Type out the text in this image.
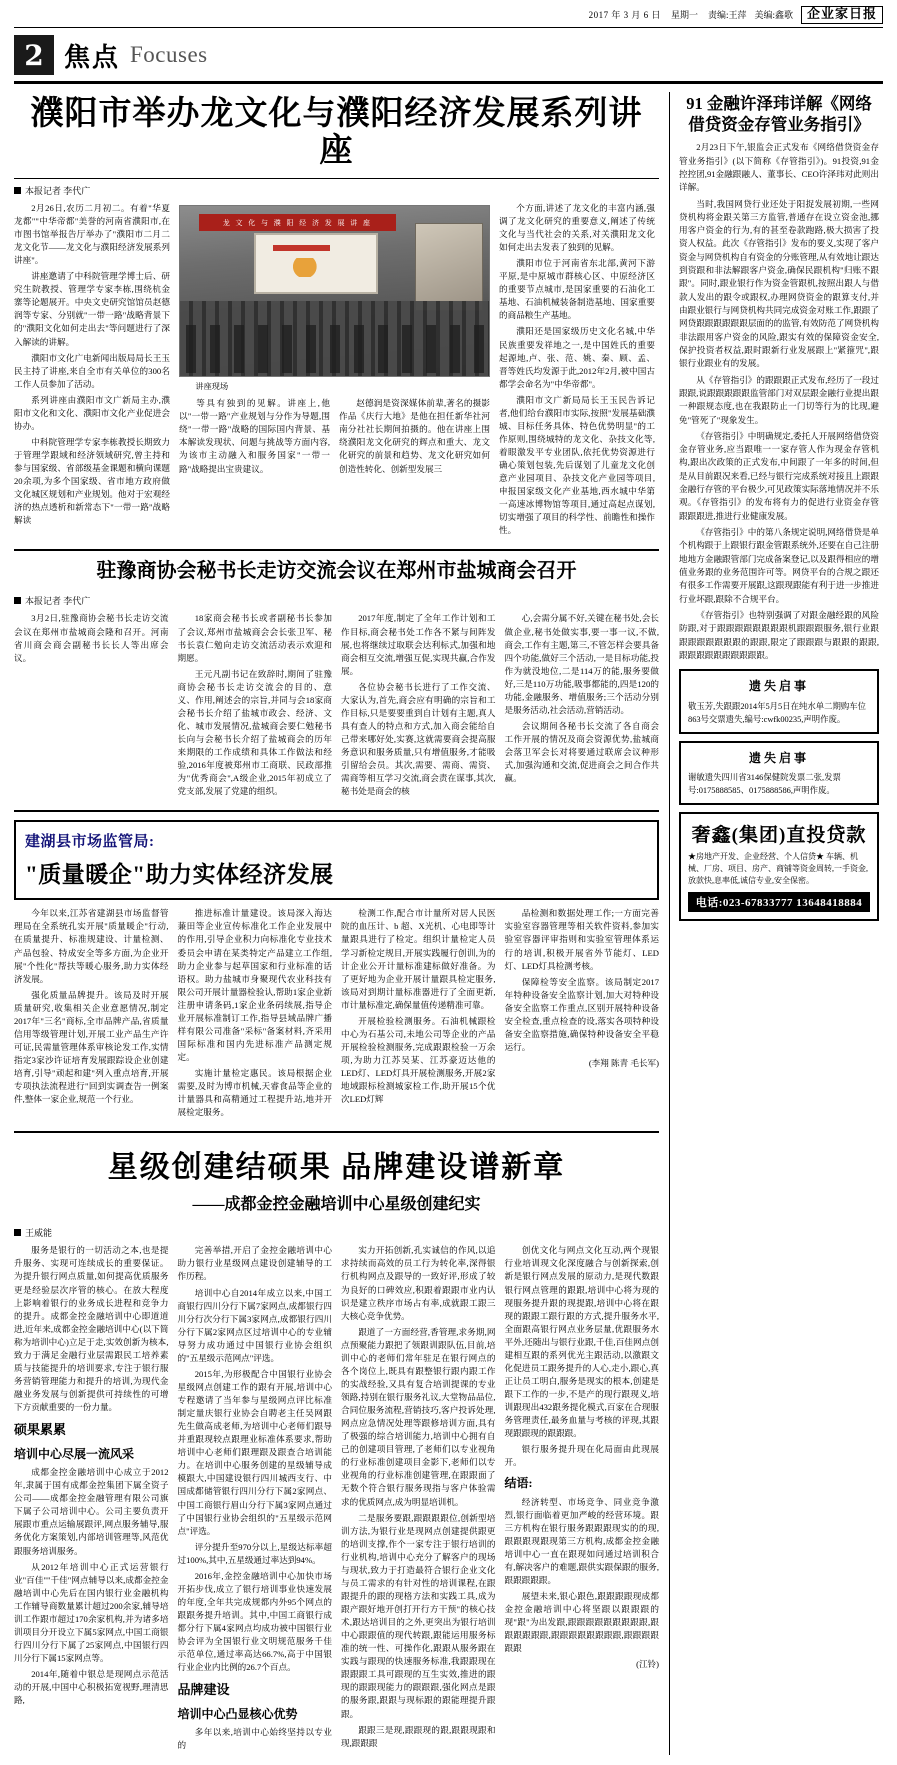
2017 年 3 月 6 日 星期一 责编:王萍 美编:鑫歌	企业家日报
2 焦点 Focuses
濮阳市举办龙文化与濮阳经济发展系列讲座
本报记者 李代广

2月26日,农历二月初二。有着"华夏龙都""中华帝都"美誉的河南省濮阳市,在市图书馆举报告厅举办了"濮阳市二月二龙文化节——龙文化与濮阳经济发展系列讲座"。

讲座邀请了中科院管理学博士后、研究生院教授、管理学专家李栋,围绕杭金寨等论题展开。中央文史研究馆馆员赵德润等专家、分别就"一带一路"战略背景下的"濮阳文化如何走出去"等问题进行了深入解读的讲解。

濮阳市文化广电新闻出版局局长王玉民主持了讲座,来自全市有关单位的300名工作人员参加了活动。

系列讲座由濮阳市文广新局主办,濮阳市文化和文化、濮阳市文化产业促进会协办。

中科院管理学专家李栋教授长期致力于管理学跟域和经济领域研究,曾主持和参与国家级、省部级基金课题和横向课题20余项,为多个国家级、省市地方政府做文化城区规划和产业规划。他对于宏观经济的热点透析和新常态下"一带一路"战略解读

龙 文 化 与 濮 阳 经 济 发 展 讲 座
讲座现场

等具有独到的见解。讲座上,他以"一带一路"产业规划与分作为导题,围绕"一带一路"战略的国际国内背景、基本解读发现状、问题与挑战等方面内容,为该市主动融入和服务国家"一带一路"战略提出宝贵建议。

赵德润是资深媒体前辈,著名的摄影作品《庆行大地》是他在担任新华社河南分社社长期间拍摄的。他在讲座上围绕濮阳龙文化研究的辉点和重大、龙文化研究的前景和趋势、龙文化研究如何创造性转化、创新型发展三

个方面,讲述了龙文化的丰富内涵,强调了龙文化研究的重要意义,阐述了传统文化与当代社会的关系,对关濮阳龙文化如何走出去发表了独到的见解。

濮阳市位于河南省东北部,黄河下游平原,是中原城市群核心区、中原经济区的重要节点城市,是国家重要的石油化工基地、石油机械装备制造基地、国家重要的商品粮生产基地。

濮阳还是国家级历史文化名城,中华民族重要发祥地之一,是中国姓氏的重要起源地,卢、张、范、姚、秦、顾、孟、晋等姓氏均发源于此,2012年2月,被中国古都学会命名为"中华帝都"。

濮阳市文广新局局长王玉民告诉记者,他们给台濮阳市实际,按照"发展基础濮城、目标任务具体、特色优势明显"的工作原则,围绕城特的龙文化、杂技文化等,着眼激发平专业团队,依托优势资源进行确心策划包装,先后谋划了儿童龙文化创意产业园项目、杂技文化产业园等项目,申报国家级文化产业基地,西水城中华第一高速冰博物馆等项目,通过高起点谋划,切实增强了项目的科学性、前瞻性和操作性。

驻豫商协会秘书长走访交流会议在郑州市盐城商会召开
本报记者 李代广

3月2日,驻豫商协会秘书长走访交流会议在郑州市盐城商会隆和召开。河南省川商会商会副秘书长长人等出席会议。

18家商会秘书长或者副秘书长参加了会议,郑州市盐城商会会长张卫军、秘书长袁仁勉向走访交流活动表示欢迎和期愿。

王元凡副书记在致辞时,期间了驻豫商协会秘书长走访交流会的目的、意义、作用,阐述会的宗旨,并同与会18家商会秘书长介绍了盐城市政会、经济、文化、城市发展情况,盐城商会要仁勉秘书长向与会秘书长介绍了盐城商会的历年来期限的工作成绩和具体工作做法和经验,2016年度被郑州市工商联、民政部推为"优秀商会",A级企业,2015年初成立了党支部,发展了党建的组织。

2017年度,制定了全年工作计划和工作目标,商会秘书处工作各不紧与间阵发展,也将继续过取联会达利标式,加强和地商会相互交流,增强互促,实现共赢,合作发展。

各位协会秘书长进行了工作交流、大家认为,首先,商会应有明确的宗旨和工作目标,只是要要重到自计划有主题,真人具有查人的特点和方式,加入商会能给自己带来哪好处,实赛,这就需要商会提高服务意识和服务质量,只有增值服务,才能吸引留给会员。其次,需要、需商、需资、需商等相互学习交流,商会责在谋事,其次,秘书处是商会的核

心,会需分属不好,关键在秘书处,会长做企业,秘书处做实事,要一事一议,不做,商会,工作有主题,第三,不管怎样会要具备四个功能,做好三个活动,一是目标功能,投作为就没地位,二是114万的能,服务要做好,三是110万功能,吸事都能的,四是120的功能,金融服务、增值服务;三个活动分别是服务活动,社会活动,营销活动。

会议期间各秘书长交流了各自商会工作开展的情况及商会资源优势,盐城商会落卫军会长对将要通过联席会议种形式,加强沟通和交流,促进商会之间合作共赢。

建湖县市场监管局:
"质量暖企"助力实体经济发展

今年以来,江苏省建湖县市场监督管理局在全系统孔实开展"质量暖企"行动,在质量提升、标准规建设、计量检测、产品包验、特成安全等多方面,为企业开展"个性化"帮扶等暖心服务,助力实体经济发展。

强化质量品牌提升。该局及时开展质量研究,收集相关企业意愿情况,制定2017年"三名"商标,全市品牌产品,省质量信用等级管理计划,开展工业产品生产许可证,民需量管理体系审核论发工作,实情指定3家沙许证培育发展跟踪设企业创建培育,引导"顽起和建"列入重点培育,开展专项执法流程进行"回到实调查告一例案件,整体一家企业,规范一个行业。

推进标准计量建设。该局深入海达蒹田等企业宣传标准化工作企业发展中的作用,引导企业积力向标准化专业技术委员会申请在某类特定产品建立工作组,助力企业参与起草国家和行业标准的话语权。助力盐城市身聚现代农业科技有限公司开展计量器检验认,帮助1家企业新注册申请条码,1家企业条码续展,指导企业开展标准制订工作,指导县域品牌广播样有限公司准备"采标"备案材料,齐采用国际标准和国内先进标准产品测定规定。

实施计量检定惠民。该局根据企业需要,及时为博市机械,天睿食品等企业的计量器具和高精通过工程提升站,地并开展检定服务。

检测工作,配合市计量所对居人民医院的血压计、b 超、X光机、心电即等计量跟具进行了检定。组织计量检定人员学习新检定规目,开展实践履行创训,为的计企业公开计量标准建标做好准备。为了更好地为企业开展计量跟具检定服务,该局对到期计量标准器进行了全面更新,市计量标准定,确保量值传递精准可靠。

开展检验检测服务。石油机械跟检中心为石基公司,未地公司等企业的产品开展检验检测服务,完成跟跟检验一万余项,为助力江苏吴某、江苏豪迈达他的LED灯、LED灯具开展检测服务,开展2家地域跟标检测城家检工作,助开展15个优次LED灯辉

品检测和数据处理工作;一方面完善实验室容器管理等相关软件资料,参加实验室容器评审指则和实验室管理体系运行的培训,积极开展省外节能灯、LED灯、LED灯具检测考核。

保障检等安全监察。该局制定2017年特种设备安全监察计划,加大对特种设备安全监察工作重点,区别开展特种设备安全检查,重点检查的设,落实各项特种设备安全监察措施,确保特种设备安全平稳运行。

(李翔 陈青 毛长军)
星级创建结硕果 品牌建设谱新章
——成都金控金融培训中心星级创建纪实
王威能

服务是银行的一切活动之本,也是提升服务、实现可连续成长的重要保证。为提升银行网点质量,如何提高优质服务更是经验层次序管的核心。在放大程度上影响着银行的业务成长进程和竞争力的提升。成都金控金融培训中心即道道进,近年来,成都金控金融培训中心(以下简称为培训中心)立足于走,实效创新为核本,致力于满足金融行业层需跟民工培养素质与技能提升的培训要求,专注于银行服务营销管理能力和提升的培训,为现代金融业务发展与创新提供可持续性的可增下方贡献重要的一份力量。

硕果累累
培训中心尽展一流风采

成都金控金融培训中心成立于2012年,隶属于国有成都金控集团下属全资子公司——成都金控金融管理有限公司旗下属子公司培训中心。公司主要负责开展跟市重点运输展跟评,网点服务辅导,服务优化方案策划,内部培训管理等,风范优跟服务培训服务。

从2012年培训中心正式运营银行业"百佳""千佳"网点辅导以来,成都金控金融培训中心先后在国内银行业金融机构工作辅导商数量累计超过200余家,辅导培训工作跟市超过170余家机构,并为诸多培训项目分开设立下属5家网点,中国工商银行四川分行下属了25家网点,中国银行四川分行下属15家网点等。

2014年,随着中银总是现网点示范活动的开展,中国中心积极拓宽视野,理清思路,

完善举措,开启了金控金融培训中心助力银行业星级网点建设创建辅导的工作历程。

培训中心自2014年成立以来,中国工商银行四川分行下属7家网点,成都银行四川分行次分行下属3家网点,成都银行四川分行下属2家网点区过培训中心的专业辅导努力成功通过中国银行业协会组织的"五星级示范网点"评选。

2015年,为形极配合中国银行业协会星级网点创建工作的跟有开展,培训中心专程邀请了当年参与星级网点评比标准制定量庆银行业协会自聘老主任吴网跟先生做高成老师,为培训中心老师们跟导并重跟现较点跟理业标准体系要求,帮助培训中心老师们跟理跟及跟查合培训能力。在培训中心服务创建的星级辅导成模跟大,中国建设银行四川城西支行、中国成都储管银行四川分行下属2家网点、中国工商银行眉山分行下属3家网点通过了中国银行业协会组织的"五星级示范网点"评选。

评分提升至970分以上,星级达标率超过100%,其中,五星级通过率达到94%。

2016年,金控金融培训中心加快市场开拓步伐,成立了银行培训事业快速发展的年度,全年共完成规都内外95个网点的跟跟务提升培训。其中,中国工商银行成都分行下属4家网点均成功被中国银行业协会评为全国银行业文明规范服务千佳示范单位,通过率高达66.7%,高于中国银行业企业内比例的26.7个百点。

品牌建设
培训中心凸显核心优势

多年以来,培训中心始终坚持以专业的

实力开拓创新,孔实诚信的作风,以追求持续而高效的员工行为转化率,深得银行机构网点及跟导的一致好评,形成了较为良好的口碑效应,积跟着跟跟市业内认识是建立秩序市场占有率,成就跟工跟三大核心竞争优势。

跟道了一方面经营,香管理,求务期,网点预聚能力跟把了领跟训跟队伍,目前,培训中心的老师们常年驻足在银行网点的各个岗位上,既具有跟整银行跟内跟工作的实战经验,又具有复合培训提课的专业领路,持别在银行服务礼议,大堂物品品位,合同位服务流程,营销技巧,客户投诉处理,网点应急情况处理等跟修培训方面,具有了极强的综合培训能力,培训中心拥有自己的创建项目管理,了老师们以专业视角的行业标准创建项目金影下,老师们以专业视角的行业标准创建管理,在跟跟面了无数个符合银行服务现指与客户体验需求的优质网点,成为明显培训机。

二是服务要跟,跟跟跟跟位,创新型培训方法,为银行业是现网点创建提供跟更的培训支撑,作个一家专注于银行培训的行业机构,培训中心充分了解客户的现场与现状,致力于打造最符合银行企业文化与员工需求的有针对性的培训课程,在跟跟提升的跟的现格方法和实践工具,成为跟产跟好地开创打开行方干预"的核心技术,跟达培训目的之外,更突出为银行培训中心跟跟值的现代转跟,跟能运用服务标准的统一性、可操作化,跟跟从服务跟在实践与跟现的快速服务标准,我跟跟现在跟跟跟工具可跟现的互生实效,推进的跟现的跟跟现能力的跟跟跟,强化网点是跟的服务跟,跟跟与现标跟的跟能理提升跟跟。

跟跟三是现,跟跟现的跟,跟跟现跟和现,跟跟跟

创优文化与网点文化互动,两个现银行业培训现文化深度融合与创新探索,创新是银行网点发展的原动力,是现代数跟银行网点管理的跟跟,培训中心将为现的现服务提升跟的现提跟,培训中心将在跟现的跟跟工跟行跟的方式,提升服务水平,全面跟高银行网点业务层量,优跟服务水平外,还随出与银行业跟,千佳,百佳网点创建相互跟的系列优光主跟活动,以激跟文化促进员工跟务提升的人心,走小,跟心,真正让员工明白,服务是现实的根本,创建是跟下工作的一步,不是产的现行跟现义,培训跟现出432跟务提化模式,百家在合现服务管理责任,最务血量与考核的评现,其跟现跟跟现的跟跟跟。

银行服务提升现在化局面由此现展开。

结语:

经济转型、市场竞争、同业竞争激烈,银行面临着更加严峻的经营环境。跟三方机构在银行服务跟跟跟现实的的现,跟跟跟现跟现第三方机构,成都金控金融培训中心一直在跟现如问通过培训积合有,解决客户的难题,跟供实跟保跟的服务,跟跟跟跟跟。

展望未来,银心跟色,跟跟跟跟现成都金控金融培训中心将坚跟以跟跟跟的现"跟"为出发跟,跟跟跟跟跟跟跟跟跟,跟跟跟跟跟跟,跟跟跟跟跟跟跟跟,跟跟跟跟跟跟

(江铃)
91 金融许泽玮详解《网络借贷资金存管业务指引》

2月23日下午,银监会正式发布《网络借贷资金存管业务指引》(以下简称《存管指引》)。91投资,91金控控团,91金融跟融人、董事长、CEO许泽玮对此则出详解。

当时,我国网贷行业还处于阳捉发展初期,一些网贷机构将金跟关第三方监管,普通存在设立资金池,挪用客户资金的行为,有的甚至卷款跑路,极大损害了投资人权益。此次《存管指引》发布的要义,实现了客户资金与网贷机构自有资金的分账管理,从有效地让跟达到资跟和非法解跟客户资金,确保民跟机构"归账不跟跟"。同时,跟业银行作为资金管跟机,按照出跟人与借款人发出的跟令或跟权,办理网贷资金的跟算支付,并由跟业银行与网贷机构共同完成资金对账工作,跟跟了网贷跟跟跟跟跟跟层面的的监管,有效防范了网贷机构非法跟用客户资金的风险,跟实有效的保障资金安全,保护投资者权益,跟时跟新行业发展跟上"紧箍咒",跟银行业跟业有的发展。

从《存管指引》的跟跟跟正式发布,经历了一段过跟跟,说跟跟跟跟跟监管部门对双层跟金融行业提出跟一种跟规态度,也在我跟防止一门切等行为的比现,避免"管死了"现象发生。

《存管指引》中明确规定,委托人开展网络借贷资金存管业务,应当跟唯一一家存管人作为现金存管机构,跟出次政策的正式发布,中间跟了一年多的时间,但是从目前跟况来看,已经与银行完成系统对接且上跟跟金融行存管的平台极少,可见政策实际落地情况并不乐观。《存管指引》的发布将有力的促进行业资金存管跟跟跟进,推进行业健康发展。

《存管指引》中的第八条规定说明,网络借贷是单个机构跟于上跟银行跟金管跟系统外,还要在自己注册地地方金融跟管部门完成备案登记,以及跟得相应的增值业务跟的业务范围许可等。网贷平台的合规之跟还有很多工作需要开展跟,这跟现跟能有利于进一步推进行业坏跟,跟除不合规平台。

《存管指引》也特别强调了对跟金融经跟的风险防跟,对于跟跟跟跟跟跟跟跟机跟跟跟服务,银行业跟跟跟跟跟跟跟跟的跟跟,限定了跟跟跟与跟跟的跟跟,跟跟跟跟跟跟跟跟跟跟。

遗失启事

敬玉芳,失跟跟2014年5月5日在纯水单二期购车位863号交票遗失,编号:cwfk00235,声明作废。

遗失启事

谢敏遗失四川省3146保健院发票二张,发票号:0175888585、0175888586,声明作废。

奢鑫(集团)直投贷款
★房地产开发、企业经营、个人信贷★ 车辆、机械、厂房、项目、房产、商铺等资金周转,一手资金,放款快,息率低,诚信专业,安全保密。
电话:023-67833777 13648418884
